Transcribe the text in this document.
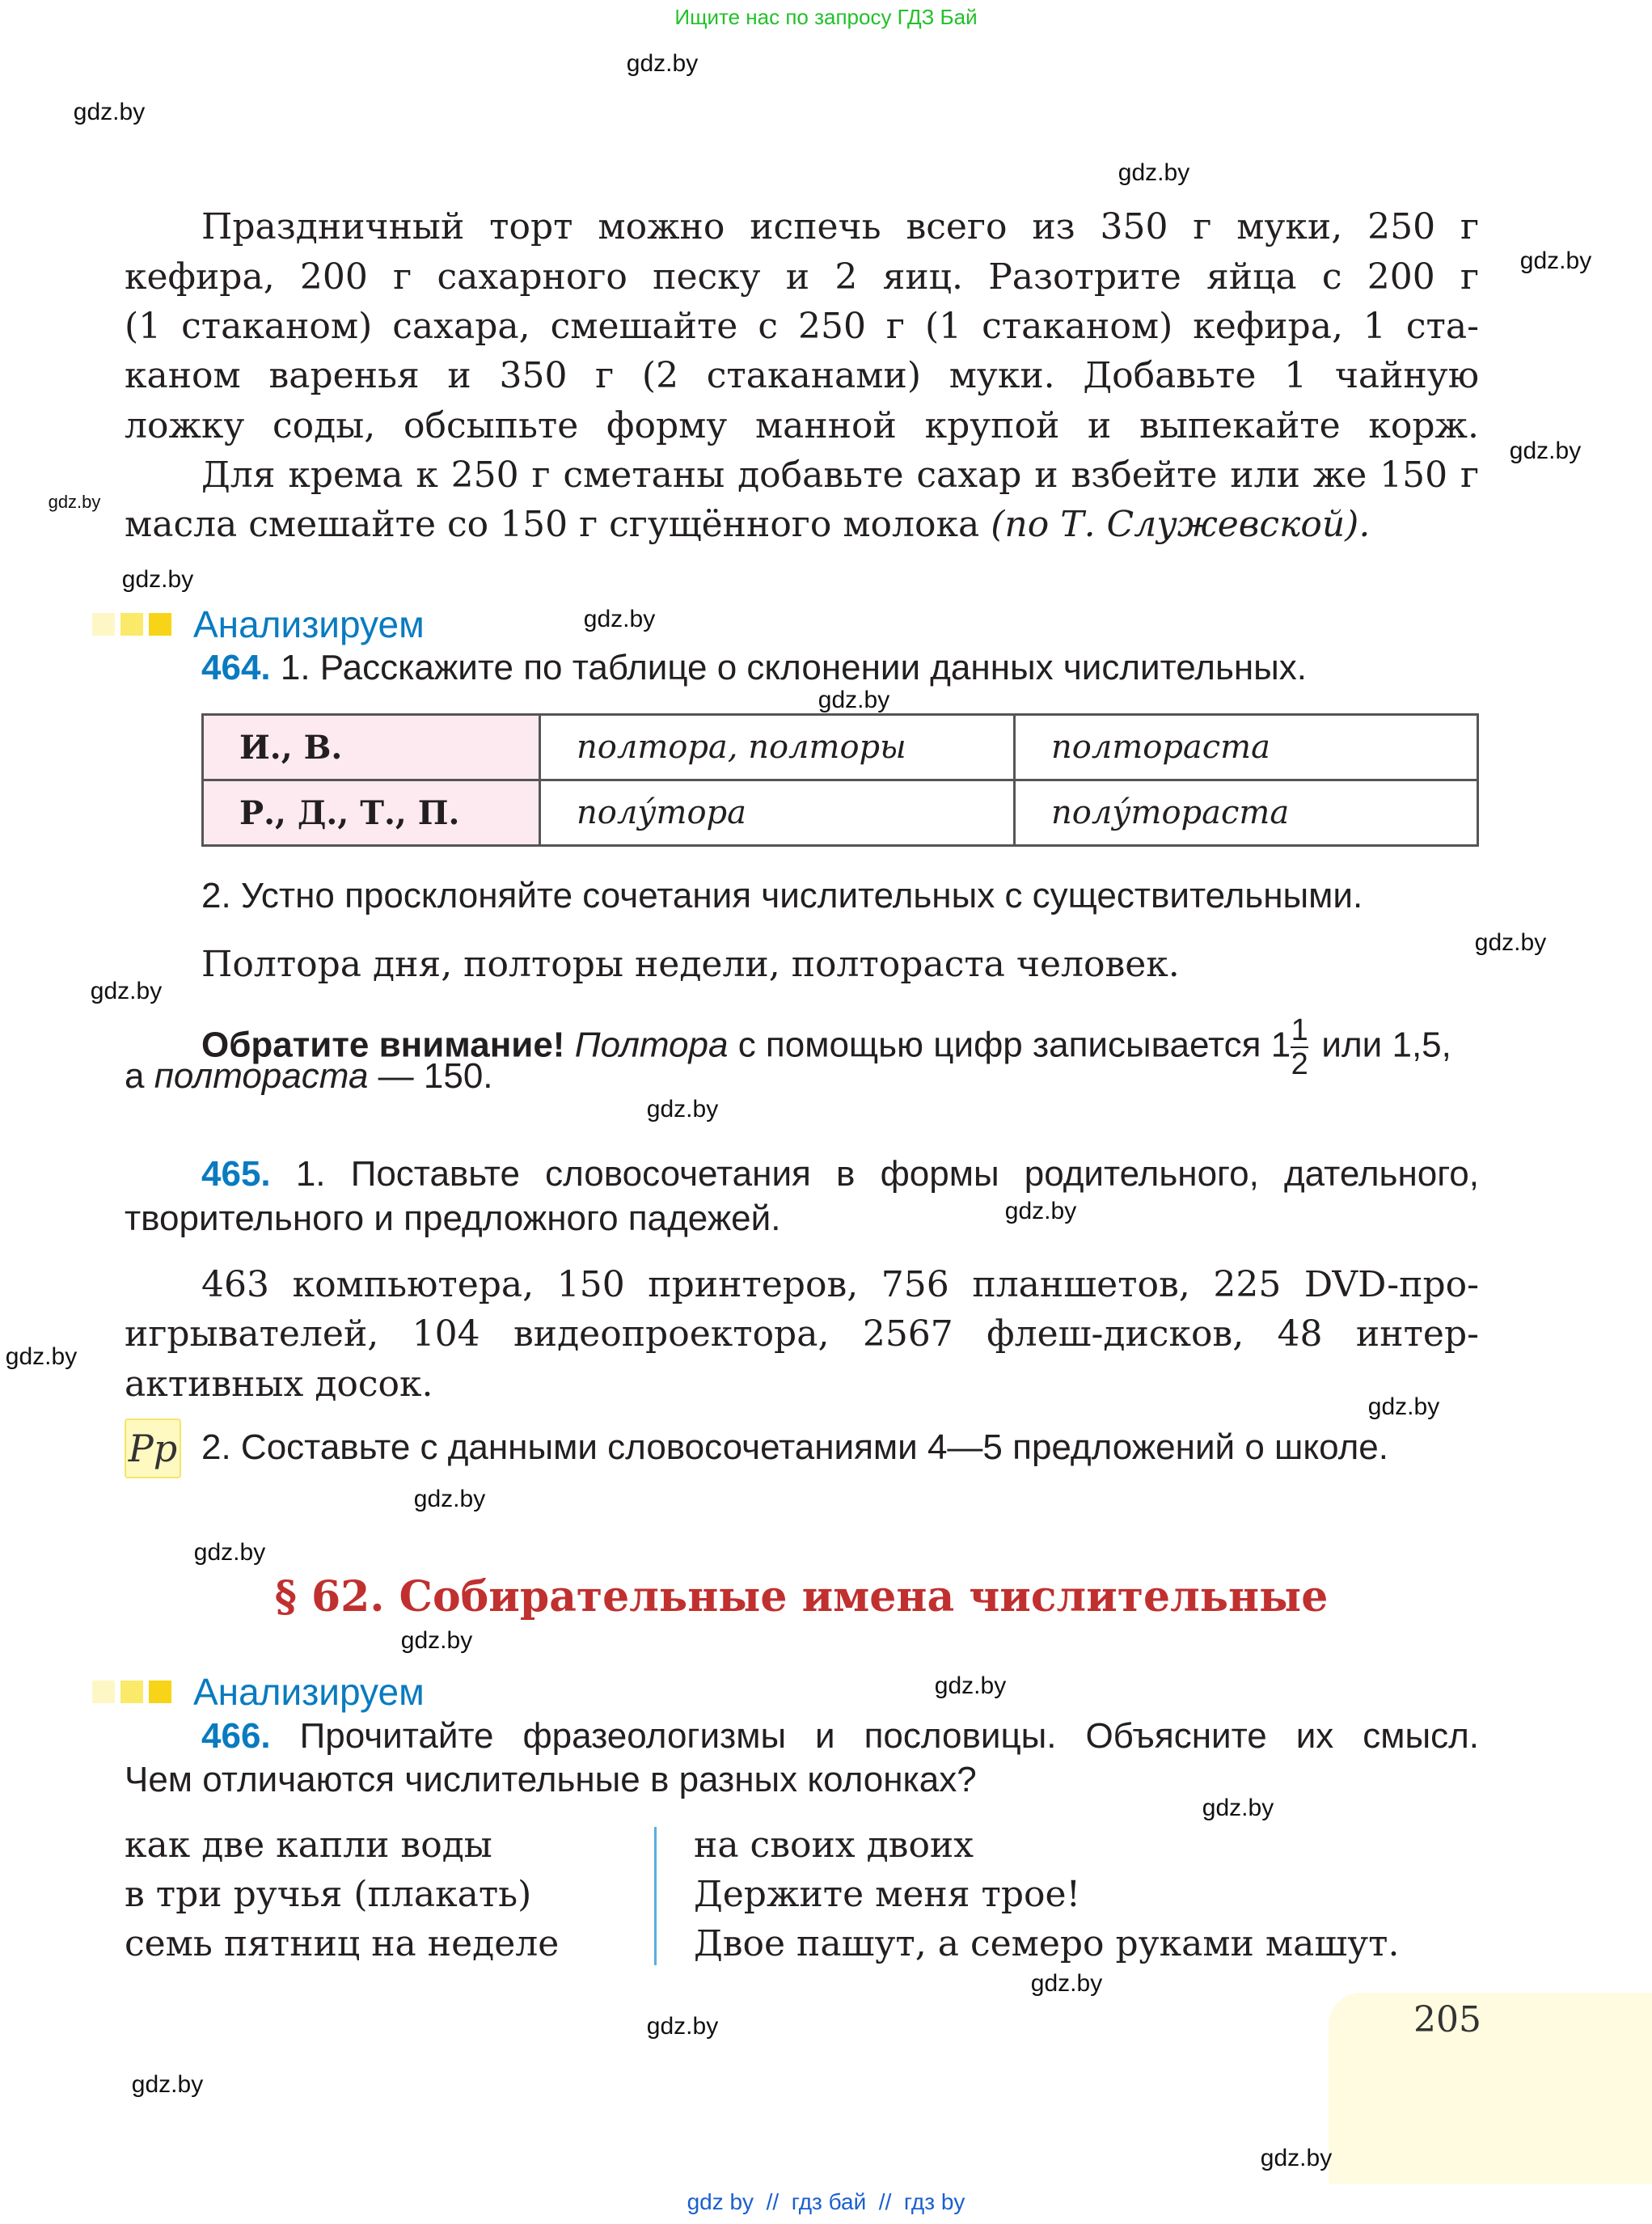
Ищите нас по запросу ГДЗ Бай
Праздничный торт можно испечь всего из 350 г муки, 250 г
кефира, 200 г сахарного песку и 2 яиц. Разотрите яйца с 200 г
(1 стаканом) сахара, смешайте с 250 г (1 стаканом) кефира, 1 ста-
каном варенья и 350 г (2 стаканами) муки. Добавьте 1 чайную
ложку соды, обсыпьте форму манной крупой и выпекайте корж.
Для крема к 250 г сметаны добавьте сахар и взбейте или же 150 г
масла смешайте со 150 г сгущённого молока (по Т. Служевской).
Анализируем
464. 1. Расскажите по таблице о склонении данных числительных.
И., В.	полтора, полторы	полтораста
Р., Д., Т., П.	полу́тора	полу́тораста
2. Устно просклоняйте сочетания числительных с существительными.
Полтора дня, полторы недели, полтораста человек.
Обратите внимание! Полтора с помощью цифр записывается $1 \frac{1}{2}$ или 1,5,
а полтораста — 150.
465. 1. Поставьте словосочетания в формы родительного, дательного,
творительного и предложного падежей.
463 компьютера, 150 принтеров, 756 планшетов, 225 DVD-про-
игрывателей, 104 видеопроектора, 2567 флеш-дисков, 48 интер-
активных досок.
Pp 2. Составьте с данными словосочетаниями 4—5 предложений о школе.
§ 62. Собирательные имена числительные
Анализируем
466. Прочитайте фразеологизмы и пословицы. Объясните их смысл.
Чем отличаются числительные в разных колонках?
как две капли воды
в три ручья (плакать)
семь пятниц на неделе
на своих двоих
Держите меня трое!
Двое пашут, а семеро руками машут.
205
gdz by  //  гдз бай  //  гдз by
gdz.by
gdz.by
gdz.by
gdz.by
gdz.by
gdz.by
gdz.by
gdz.by
gdz.by
gdz.by
gdz.by
gdz.by
gdz.by
gdz.by
gdz.by
gdz.by
gdz.by
gdz.by
gdz.by
gdz.by
gdz.by
gdz.by
gdz.by
gdz.by
